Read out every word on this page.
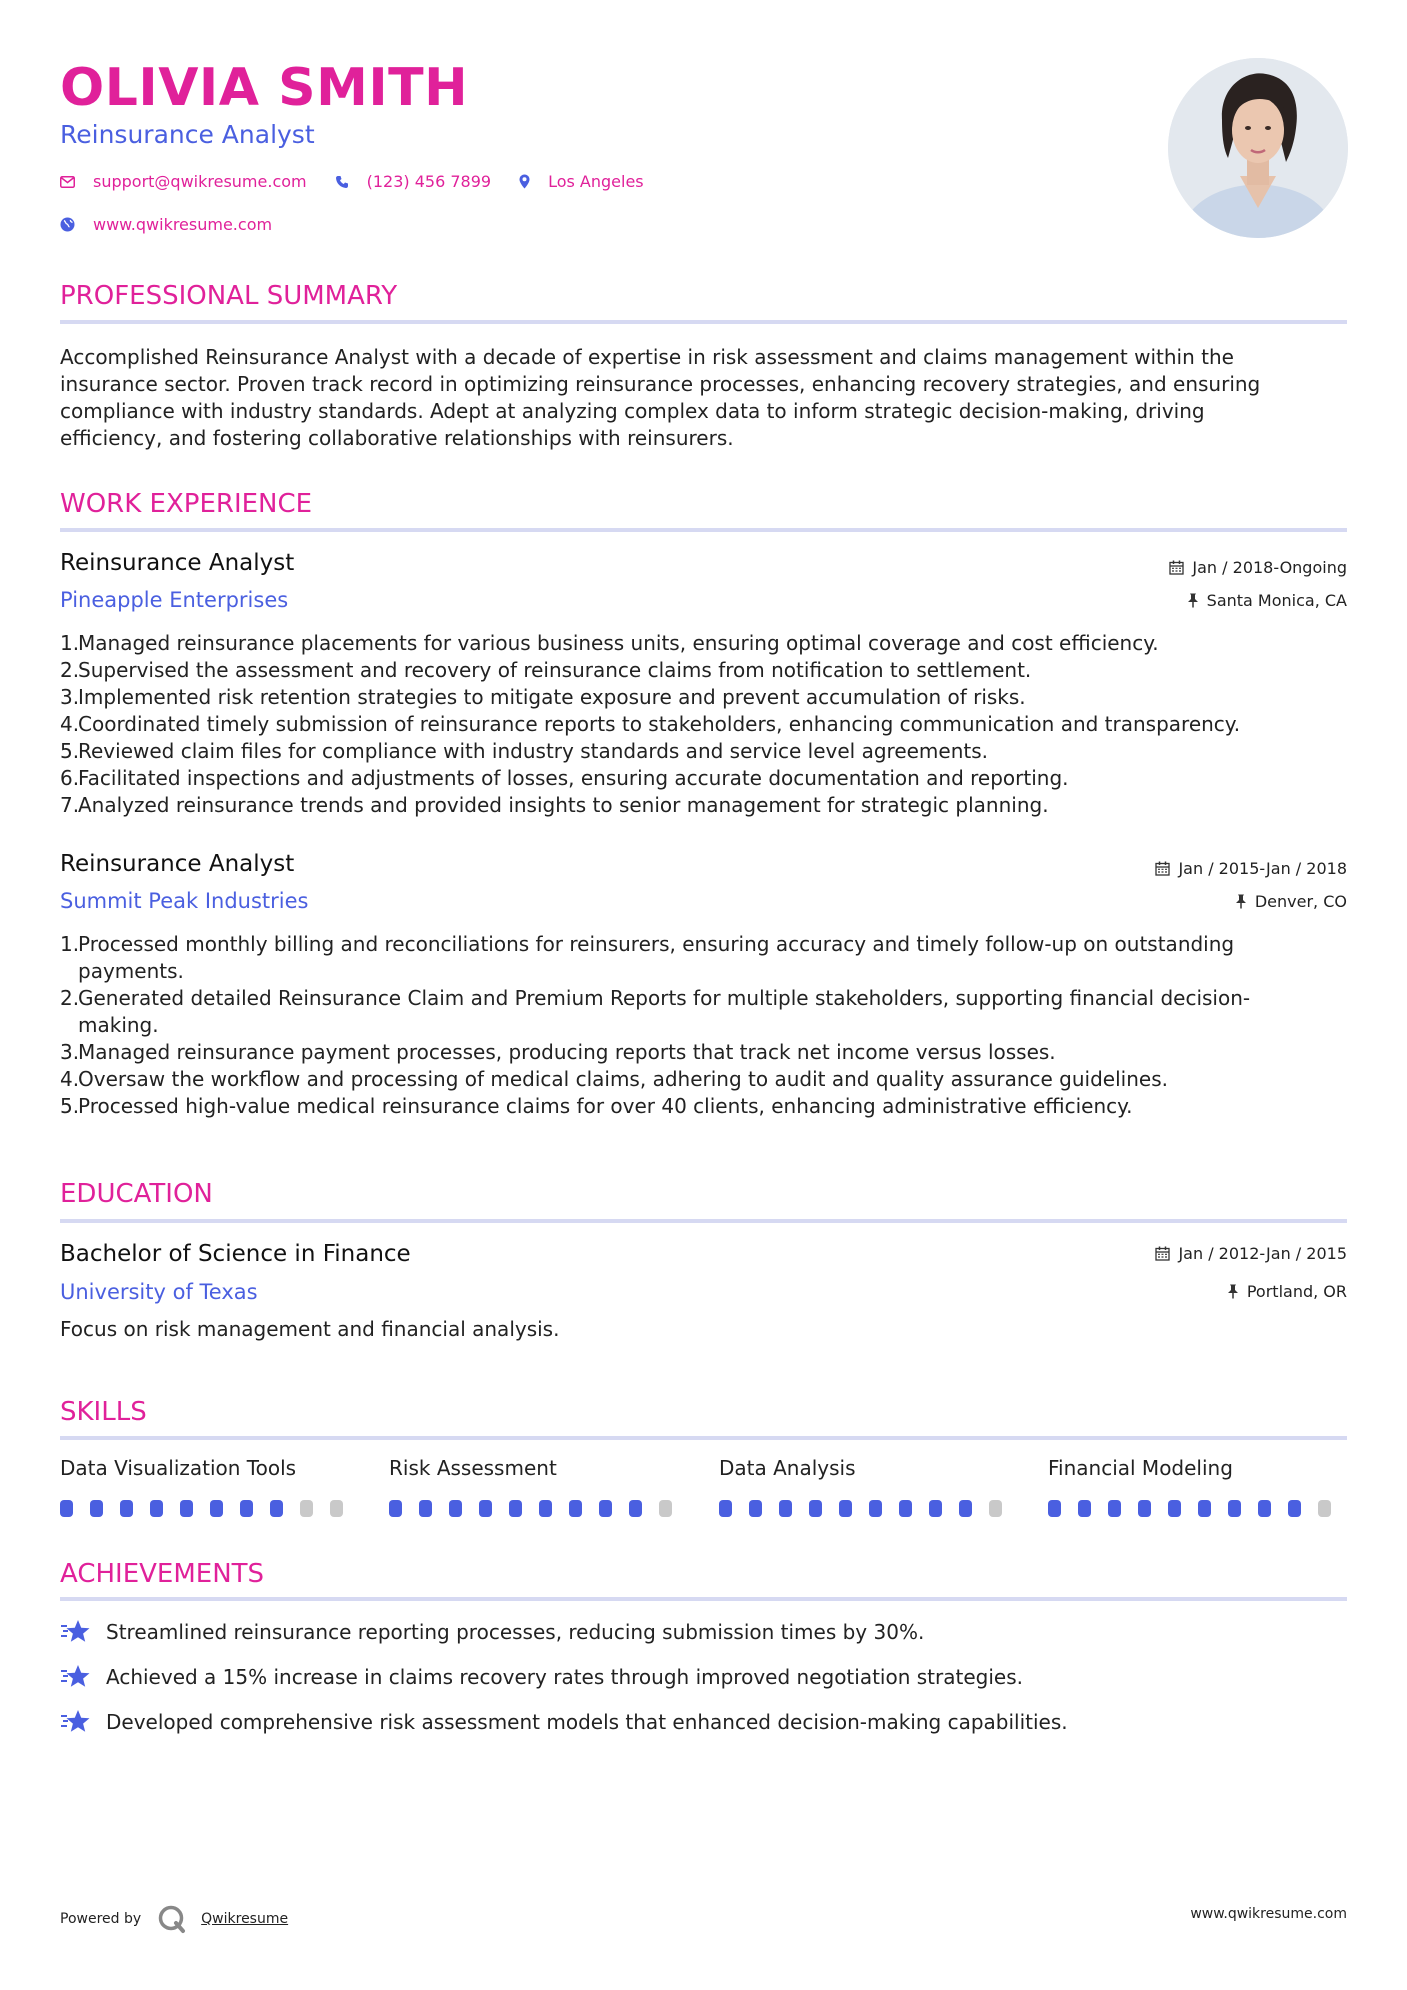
OLIVIA SMITH
Reinsurance Analyst
support@qwikresume.com	(123) 456 7899	Los Angeles
www.qwikresume.com
PROFESSIONAL SUMMARY
Accomplished Reinsurance Analyst with a decade of expertise in risk assessment and claims management within the
insurance sector. Proven track record in optimizing reinsurance processes, enhancing recovery strategies, and ensuring
compliance with industry standards. Adept at analyzing complex data to inform strategic decision-making, driving
efficiency, and fostering collaborative relationships with reinsurers.
WORK EXPERIENCE
Reinsurance Analyst
Pineapple Enterprises
Jan / 2018-Ongoing
Santa Monica, CA
1.
Managed reinsurance placements for various business units, ensuring optimal coverage and cost efficiency.
2.
Supervised the assessment and recovery of reinsurance claims from notification to settlement.
3.
Implemented risk retention strategies to mitigate exposure and prevent accumulation of risks.
4.
Coordinated timely submission of reinsurance reports to stakeholders, enhancing communication and transparency.
5.
Reviewed claim files for compliance with industry standards and service level agreements.
6.
Facilitated inspections and adjustments of losses, ensuring accurate documentation and reporting.
7.
Analyzed reinsurance trends and provided insights to senior management for strategic planning.
Reinsurance Analyst
Summit Peak Industries
Jan / 2015-Jan / 2018
Denver, CO
1.
Processed monthly billing and reconciliations for reinsurers, ensuring accuracy and timely follow-up on outstanding
payments.
2.
Generated detailed Reinsurance Claim and Premium Reports for multiple stakeholders, supporting financial decision-
making.
3.
Managed reinsurance payment processes, producing reports that track net income versus losses.
4.
Oversaw the workflow and processing of medical claims, adhering to audit and quality assurance guidelines.
5.
Processed high-value medical reinsurance claims for over 40 clients, enhancing administrative efficiency.
EDUCATION
Bachelor of Science in Finance
University of Texas
Jan / 2012-Jan / 2015
Portland, OR
Focus on risk management and financial analysis.
SKILLS
Data Visualization Tools	Risk Assessment	Data Analysis	Financial Modeling
ACHIEVEMENTS
Streamlined reinsurance reporting processes, reducing submission times by 30%.
Achieved a 15% increase in claims recovery rates through improved negotiation strategies.
Developed comprehensive risk assessment models that enhanced decision-making capabilities.
Powered by	Qwikresume	www.qwikresume.com
